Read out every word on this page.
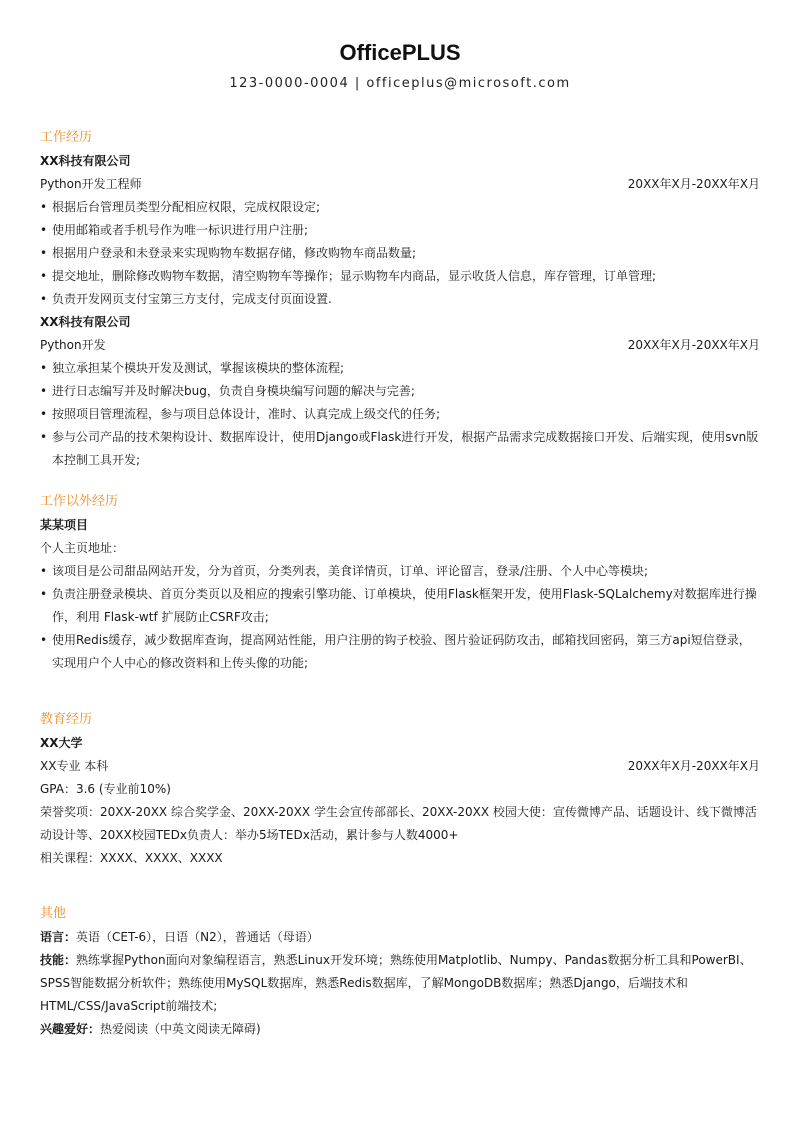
OfficePLUS
123-0000-0004 | officeplus@microsoft.com
工作经历
XX科技有限公司
Python开发工程师	20XX年X月-20XX年X月
• 根据后台管理员类型分配相应权限，完成权限设定;
• 使用邮箱或者手机号作为唯一标识进行用户注册;
• 根据用户登录和未登录来实现购物车数据存储，修改购物车商品数量;
• 提交地址，删除修改购物车数据，清空购物车等操作；显示购物车内商品，显示收货人信息，库存管理，订单管理;
• 负责开发网页支付宝第三方支付，完成支付页面设置.
XX科技有限公司
Python开发	20XX年X月-20XX年X月
• 独立承担某个模块开发及测试，掌握该模块的整体流程;
• 进行日志编写并及时解决bug，负责自身模块编写问题的解决与完善;
• 按照项目管理流程，参与项目总体设计，准时、认真完成上级交代的任务;
• 参与公司产品的技术架构设计、数据库设计，使用Django或Flask进行开发，根据产品需求完成数据接口开发、后端实现，使用svn版本控制工具开发;
工作以外经历
某某项目
个人主页地址：
• 该项目是公司甜品网站开发，分为首页，分类列表，美食详情页，订单、评论留言，登录/注册、个人中心等模块;
• 负责注册登录模块、首页分类页以及相应的搜索引擎功能、订单模块，使用Flask框架开发，使用Flask-SQLalchemy对数据库进行操作，利用 Flask-wtf 扩展防止CSRF攻击;
• 使用Redis缓存，减少数据库查询，提高网站性能，用户注册的钩子校验、图片验证码防攻击，邮箱找回密码，第三方api短信登录，实现用户个人中心的修改资料和上传头像的功能;
教育经历
XX大学
XX专业 本科	20XX年X月-20XX年X月
GPA：3.6 (专业前10%)
荣誉奖项：20XX-20XX 综合奖学金、20XX-20XX 学生会宣传部部长、20XX-20XX 校园大使：宣传微博产品、话题设计、线下微博活动设计等、20XX校园TEDx负责人：举办5场TEDx活动，累计参与人数4000+
相关课程：XXXX、XXXX、XXXX
其他
语言：英语（CET-6），日语（N2），普通话（母语）
技能：熟练掌握Python面向对象编程语言，熟悉Linux开发环境；熟练使用Matplotlib、Numpy、Pandas数据分析工具和PowerBI、SPSS智能数据分析软件；熟练使用MySQL数据库，熟悉Redis数据库，了解MongoDB数据库；熟悉Django，后端技术和HTML/CSS/JavaScript前端技术;
兴趣爱好：热爱阅读（中英文阅读无障碍)
